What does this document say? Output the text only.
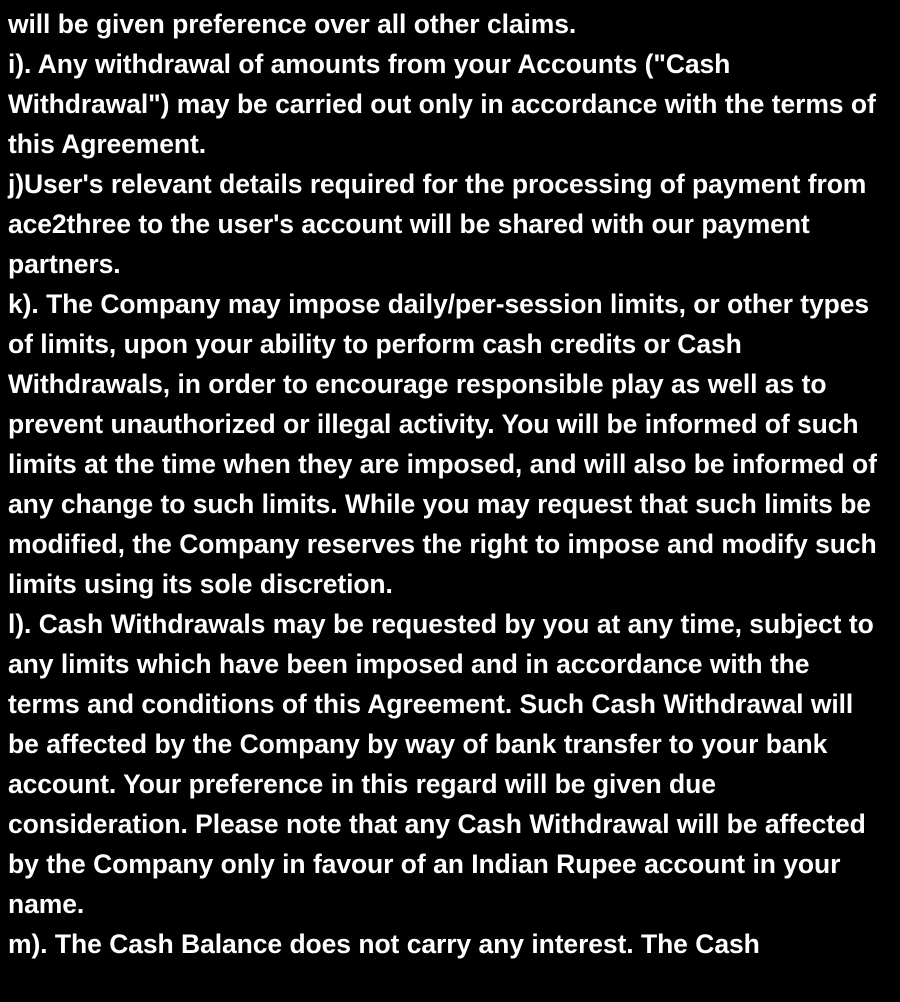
will be given preference over all other claims.

i). Any withdrawal of amounts from your Accounts ("Cash Withdrawal") may be carried out only in accordance with the terms of this Agreement.

j)User's relevant details required for the processing of payment from ace2three to the user's account will be shared with our payment partners.

k). The Company may impose daily/per-session limits, or other types of limits, upon your ability to perform cash credits or Cash Withdrawals, in order to encourage responsible play as well as to prevent unauthorized or illegal activity. You will be informed of such limits at the time when they are imposed, and will also be informed of any change to such limits. While you may request that such limits be modified, the Company reserves the right to impose and modify such limits using its sole discretion.

l). Cash Withdrawals may be requested by you at any time, subject to any limits which have been imposed and in accordance with the terms and conditions of this Agreement. Such Cash Withdrawal will be affected by the Company by way of bank transfer to your bank account. Your preference in this regard will be given due consideration. Please note that any Cash Withdrawal will be affected by the Company only in favour of an Indian Rupee account in your name.

m). The Cash Balance does not carry any interest. The Cash
